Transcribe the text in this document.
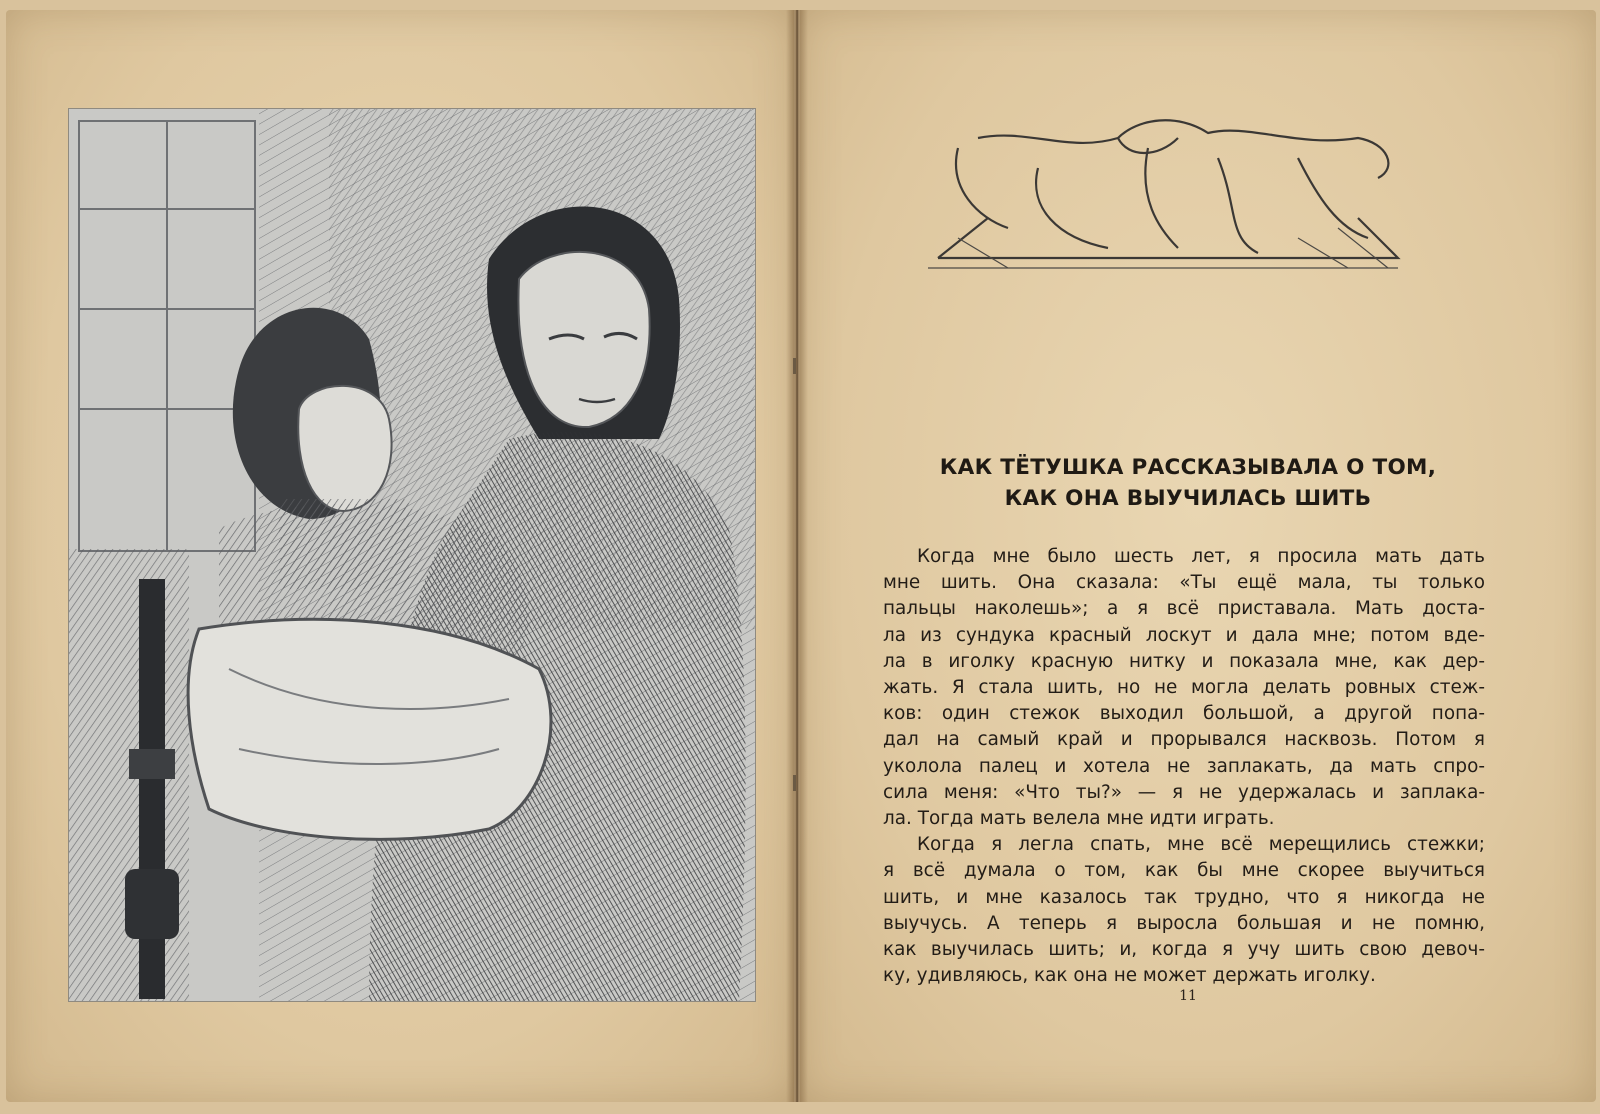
КАК ТЁТУШКА РАССКАЗЫВАЛА О ТОМ,
КАК ОНА ВЫУЧИЛАСЬ ШИТЬ
Когда мне было шесть лет, я просила мать дать
мне шить. Она сказала: «Ты ещё мала, ты только
пальцы наколешь»; а я всё приставала. Мать доста-
ла из сундука красный лоскут и дала мне; потом вде-
ла в иголку красную нитку и показала мне, как дер-
жать. Я стала шить, но не могла делать ровных стеж-
ков: один стежок выходил большой, а другой попа-
дал на самый край и прорывался насквозь. Потом я
уколола палец и хотела не заплакать, да мать спро-
сила меня: «Что ты?» — я не удержалась и заплака-
ла. Тогда мать велела мне идти играть.
Когда я легла спать, мне всё мерещились стежки;
я всё думала о том, как бы мне скорее выучиться
шить, и мне казалось так трудно, что я никогда не
выучусь. А теперь я выросла большая и не помню,
как выучилась шить; и, когда я учу шить свою девоч-
ку, удивляюсь, как она не может держать иголку.
11
